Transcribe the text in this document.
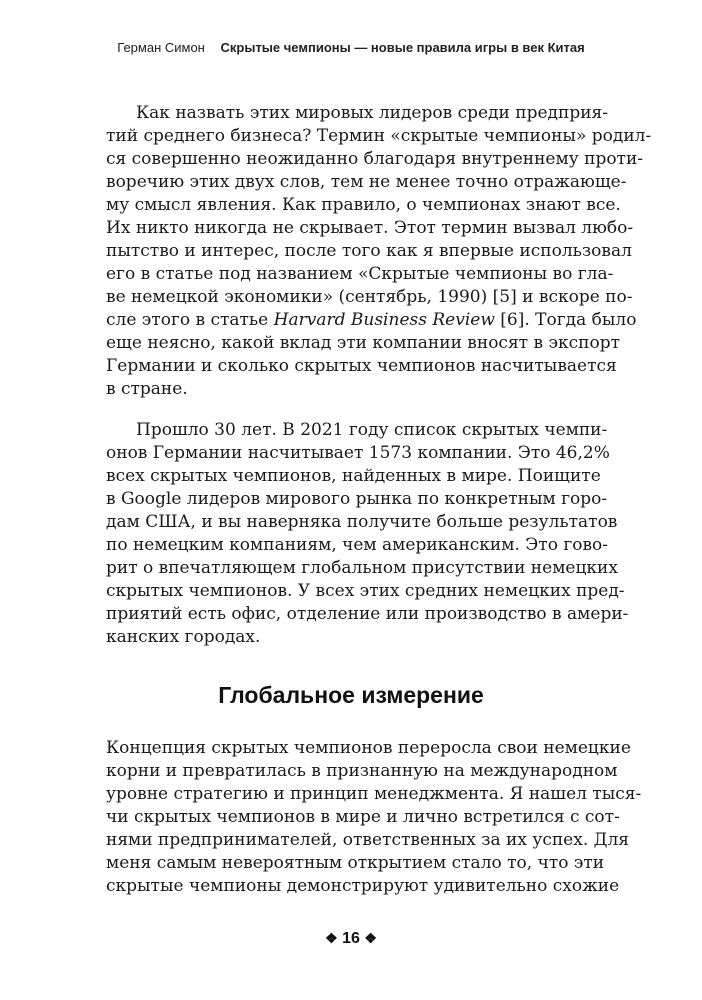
Герман Симон Скрытые чемпионы — новые правила игры в век Китая
Как назвать этих мировых лидеров среди предприя-
тий среднего бизнеса? Термин «скрытые чемпионы» родил-
ся совершенно неожиданно благодаря внутреннему проти-
воречию этих двух слов, тем не менее точно отражающе-
му смысл явления. Как правило, о чемпионах знают все.
Их никто никогда не скрывает. Этот термин вызвал любо-
пытство и интерес, после того как я впервые использовал
его в статье под названием «Скрытые чемпионы во гла-
ве немецкой экономики» (сентябрь, 1990) [5] и вскоре по-
сле этого в статье Harvard Business Review [6]. Тогда было
еще неясно, какой вклад эти компании вносят в экспорт
Германии и сколько скрытых чемпионов насчитывается
в стране.
Прошло 30 лет. В 2021 году список скрытых чемпи-
онов Германии насчитывает 1573 компании. Это 46,2%
всех скрытых чемпионов, найденных в мире. Поищите
в Google лидеров мирового рынка по конкретным горо-
дам США, и вы наверняка получите больше результатов
по немецким компаниям, чем американским. Это гово-
рит о впечатляющем глобальном присутствии немецких
скрытых чемпионов. У всех этих средних немецких пред-
приятий есть офис, отделение или производство в амери-
канских городах.
Глобальное измерение
Концепция скрытых чемпионов переросла свои немецкие
корни и превратилась в признанную на международном
уровне стратегию и принцип менеджмента. Я нашел тыся-
чи скрытых чемпионов в мире и лично встретился с сот-
нями предпринимателей, ответственных за их успех. Для
меня самым невероятным открытием стало то, что эти
скрытые чемпионы демонстрируют удивительно схожие
❖ 16 ❖
